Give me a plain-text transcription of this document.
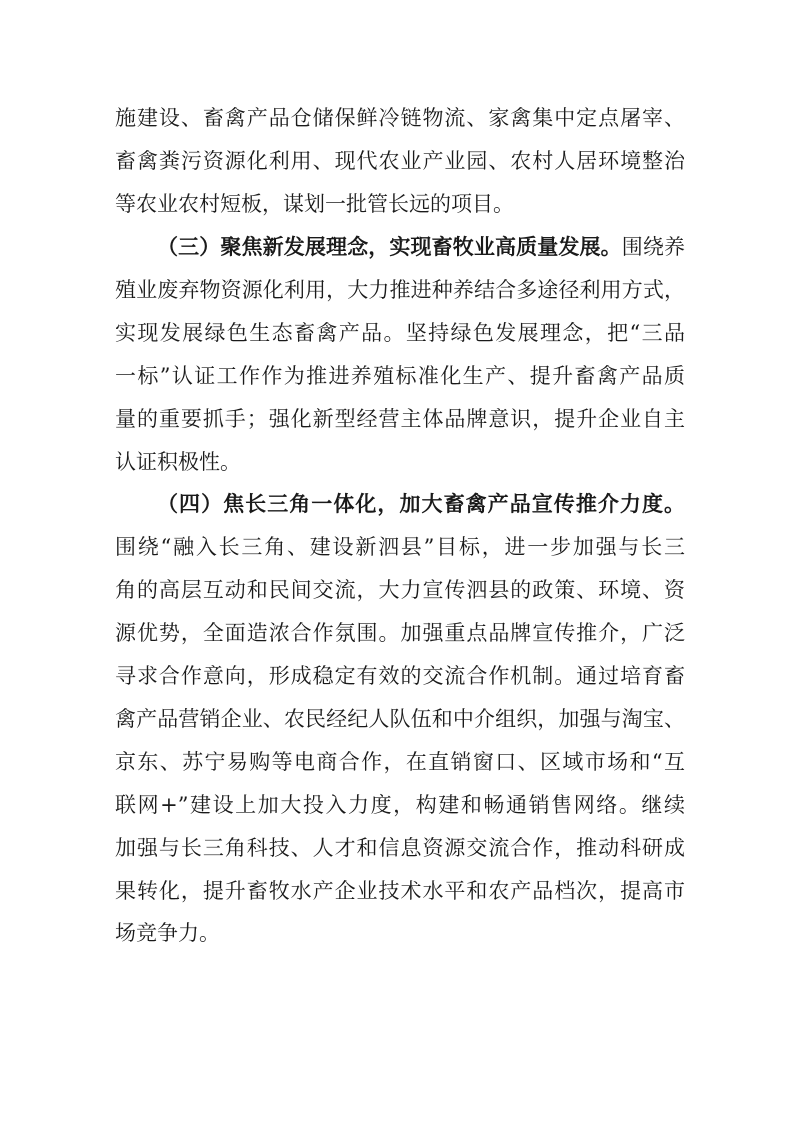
施建设、畜禽产品仓储保鲜冷链物流、家禽集中定点屠宰、
畜禽粪污资源化利用、现代农业产业园、农村人居环境整治
等农业农村短板，谋划一批管长远的项目。
（三）聚焦新发展理念，实现畜牧业高质量发展。围绕养
殖业废弃物资源化利用，大力推进种养结合多途径利用方式，
实现发展绿色生态畜禽产品。坚持绿色发展理念，把“三品
一标”认证工作作为推进养殖标准化生产、提升畜禽产品质
量的重要抓手；强化新型经营主体品牌意识，提升企业自主
认证积极性。
（四）焦长三角一体化，加大畜禽产品宣传推介力度。
围绕“融入长三角、建设新泗县”目标，进一步加强与长三
角的高层互动和民间交流，大力宣传泗县的政策、环境、资
源优势，全面造浓合作氛围。加强重点品牌宣传推介，广泛
寻求合作意向，形成稳定有效的交流合作机制。通过培育畜
禽产品营销企业、农民经纪人队伍和中介组织，加强与淘宝、
京东、苏宁易购等电商合作，在直销窗口、区域市场和“互
联网+”建设上加大投入力度，构建和畅通销售网络。继续
加强与长三角科技、人才和信息资源交流合作，推动科研成
果转化，提升畜牧水产企业技术水平和农产品档次，提高市
场竞争力。
